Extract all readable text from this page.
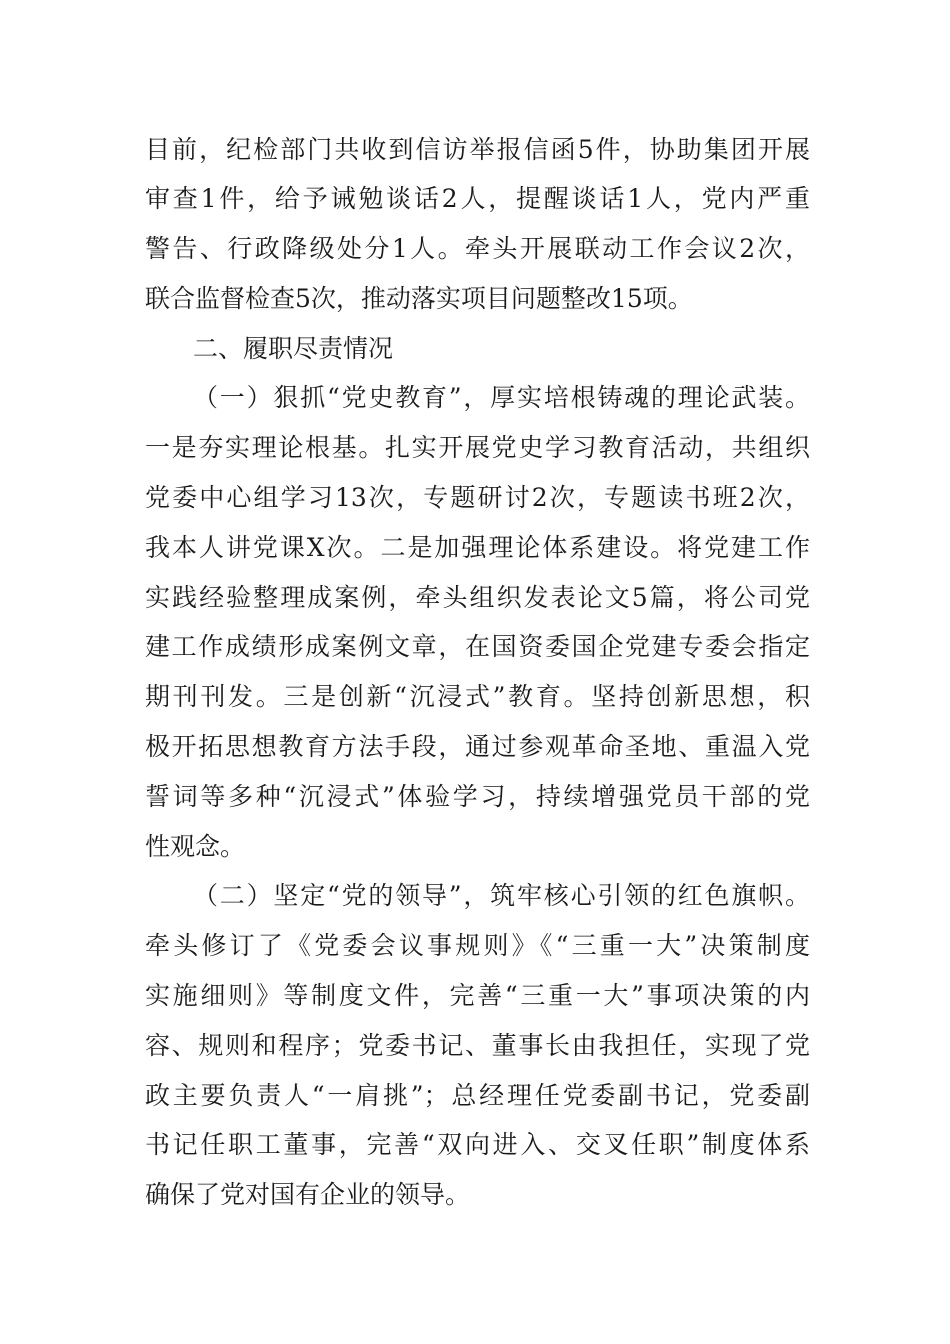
目前，纪检部门共收到信访举报信函5件，协助集团开展
审查1件，给予诫勉谈话2人，提醒谈话1人，党内严重
警告、行政降级处分1人。牵头开展联动工作会议2次，
联合监督检查5次，推动落实项目问题整改15项。
二、履职尽责情况
（一）狠抓“党史教育”，厚实培根铸魂的理论武装。
一是夯实理论根基。扎实开展党史学习教育活动，共组织
党委中心组学习13次，专题研讨2次，专题读书班2次，
我本人讲党课X次。二是加强理论体系建设。将党建工作
实践经验整理成案例，牵头组织发表论文5篇，将公司党
建工作成绩形成案例文章，在国资委国企党建专委会指定
期刊刊发。三是创新“沉浸式”教育。坚持创新思想，积
极开拓思想教育方法手段，通过参观革命圣地、重温入党
誓词等多种“沉浸式”体验学习，持续增强党员干部的党
性观念。
（二）坚定“党的领导”，筑牢核心引领的红色旗帜。
牵头修订了《党委会议事规则》《“三重一大”决策制度
实施细则》等制度文件，完善“三重一大”事项决策的内
容、规则和程序；党委书记、董事长由我担任，实现了党
政主要负责人“一肩挑”；总经理任党委副书记，党委副
书记任职工董事，完善“双向进入、交叉任职”制度体系
确保了党对国有企业的领导。
